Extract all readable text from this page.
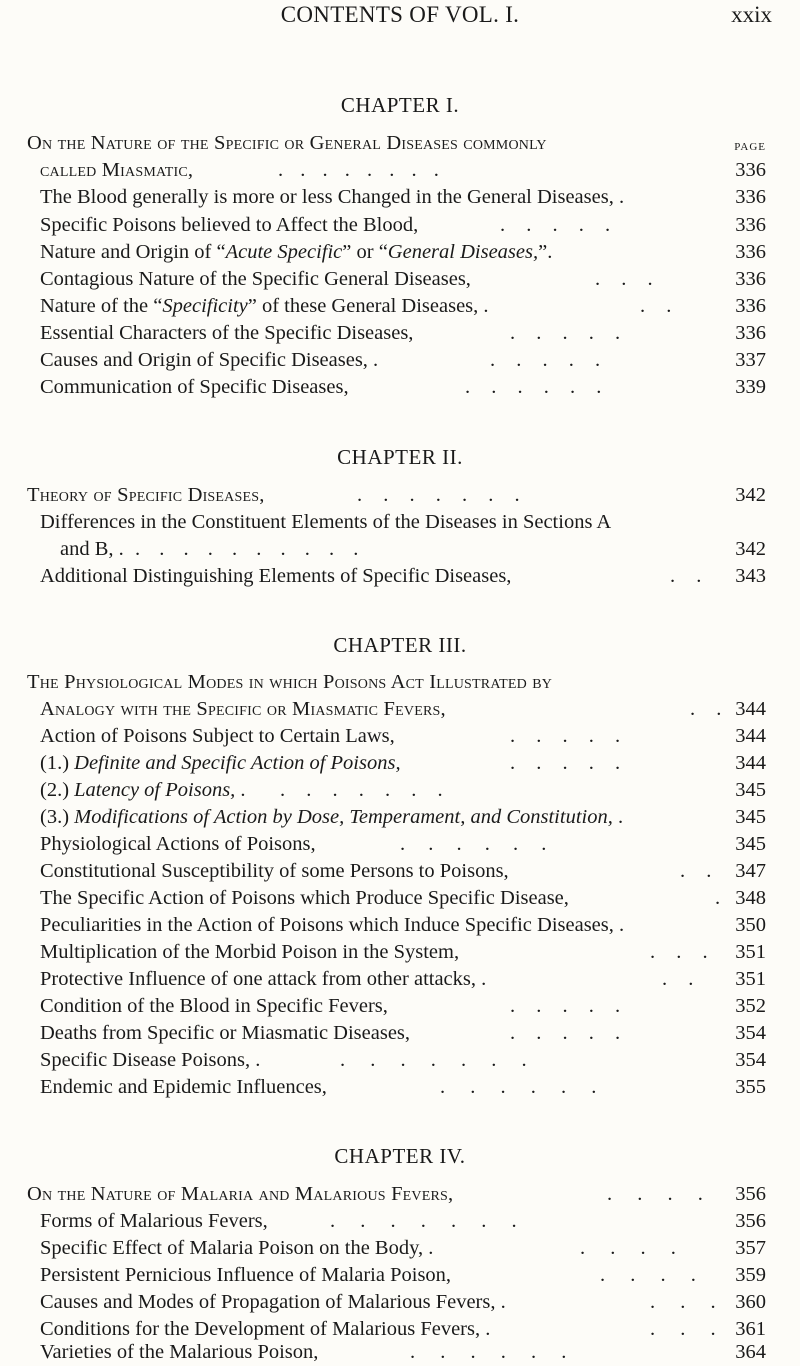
CONTENTS OF VOL. I.	xxix
CHAPTER I.
PAGE
On the Nature of the Specific or General Diseases commonly
called Miasmatic,	. . . . . . . .	336
The Blood generally is more or less Changed in the General Diseases, .	336
Specific Poisons believed to Affect the Blood,	. . . . .	336
Nature and Origin of “Acute Specific” or “General Diseases,”.	336
Contagious Nature of the Specific General Diseases,	. . .	336
Nature of the “Specificity” of these General Diseases, .	. .	336
Essential Characters of the Specific Diseases,	. . . . .	336
Causes and Origin of Specific Diseases, .	. . . . .	337
Communication of Specific Diseases,	. . . . . .	339
CHAPTER II.
Theory of Specific Diseases,	. . . . . . .	342
Differences in the Constituent Elements of the Diseases in Sections A
and B, . . . . . . . . . . .	342
Additional Distinguishing Elements of Specific Diseases,	. . 343
CHAPTER III.
The Physiological Modes in which Poisons Act Illustrated by
Analogy with the Specific or Miasmatic Fevers,	. . 344
Action of Poisons Subject to Certain Laws,	. . . . .	344
(1.) Definite and Specific Action of Poisons,	. . . . .	344
(2.) Latency of Poisons, . . . . . . . .	345
(3.) Modifications of Action by Dose, Temperament, and Constitution, .	345
Physiological Actions of Poisons,	. . . . . .	345
Constitutional Susceptibility of some Persons to Poisons,	. . 347
The Specific Action of Poisons which Produce Specific Disease,	. 348
Peculiarities in the Action of Poisons which Induce Specific Diseases, .	350
Multiplication of the Morbid Poison in the System,	. . . 351
Protective Influence of one attack from other attacks, .	. . 351
Condition of the Blood in Specific Fevers,	. . . . .	352
Deaths from Specific or Miasmatic Diseases,	. . . . .	354
Specific Disease Poisons, .	. . . . . . .	354
Endemic and Epidemic Influences,	. . . . . .	355
CHAPTER IV.
On the Nature of Malaria and Malarious Fevers,	. . . . 356
Forms of Malarious Fevers,	. . . . . . .	356
Specific Effect of Malaria Poison on the Body, .	. . . . 357
Persistent Pernicious Influence of Malaria Poison,	. . . . 359
Causes and Modes of Propagation of Malarious Fevers, .	. . . 360
Conditions for the Development of Malarious Fevers, .	. . . 361
Varieties of the Malarious Poison,	. . . . . .	364
